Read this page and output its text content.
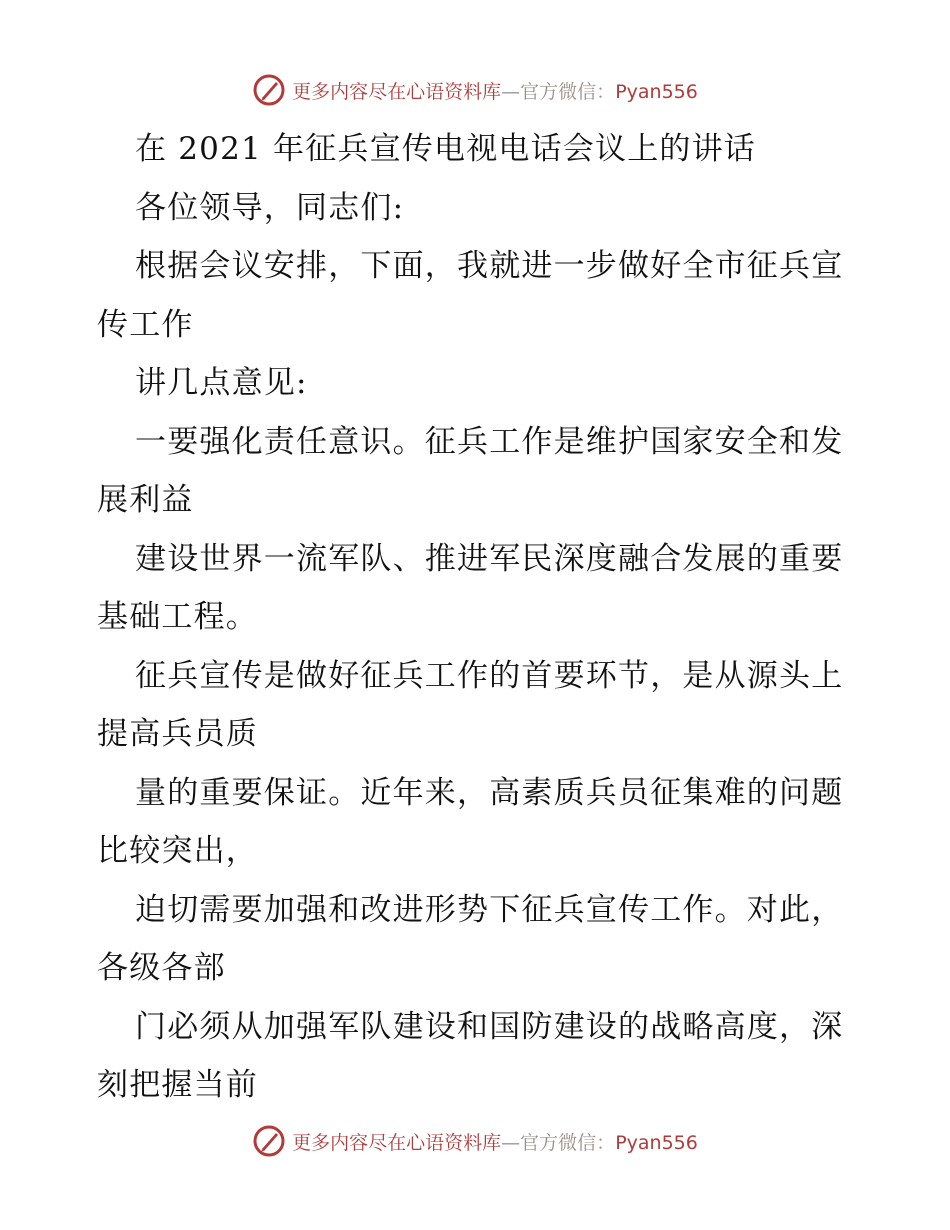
更多内容尽在心语资料库—官方微信：Pyan556

在 2021 年征兵宣传电视电话会议上的讲话

各位领导，同志们:

根据会议安排，下面，我就进一步做好全市征兵宣传工作

讲几点意见:

一要强化责任意识。征兵工作是维护国家安全和发展利益

建设世界一流军队、推进军民深度融合发展的重要基础工程。

征兵宣传是做好征兵工作的首要环节，是从源头上提高兵员质

量的重要保证。近年来，高素质兵员征集难的问题比较突出，

迫切需要加强和改进形势下征兵宣传工作。对此，各级各部

门必须从加强军队建设和国防建设的战略高度，深刻把握当前

更多内容尽在心语资料库—官方微信：Pyan556
